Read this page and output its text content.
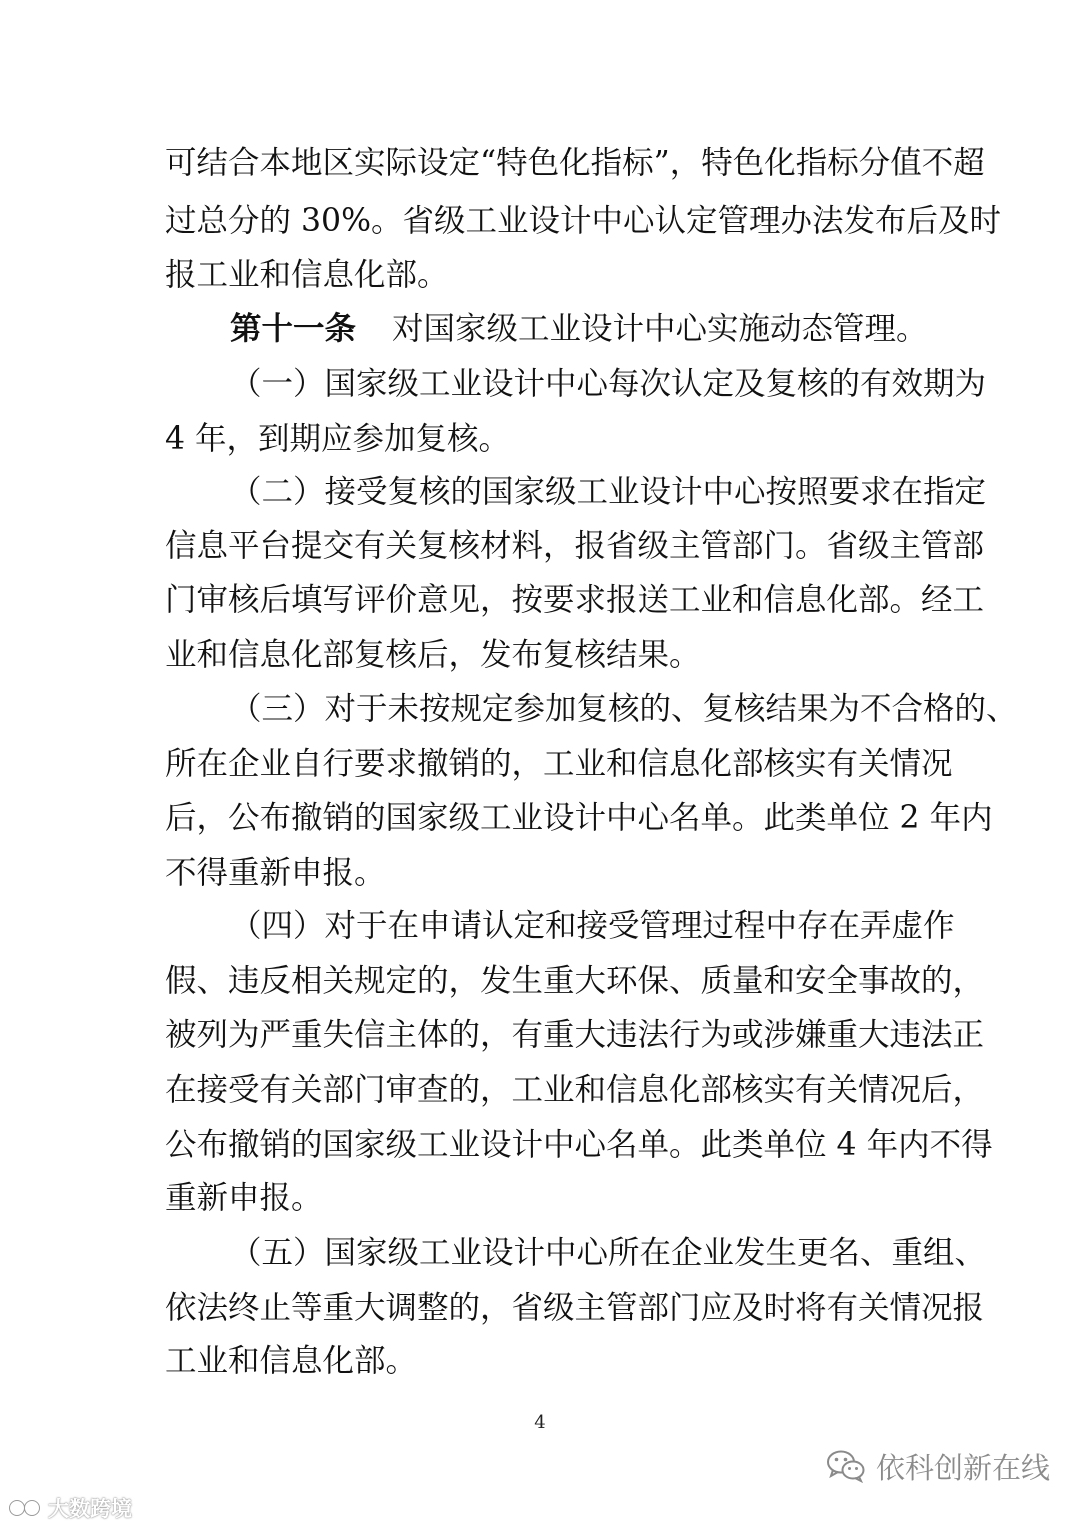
可结合本地区实际设定“特色化指标”，特色化指标分值不超
过总分的 30%。省级工业设计中心认定管理办法发布后及时
报工业和信息化部。
第十一条 对国家级工业设计中心实施动态管理。
（一）国家级工业设计中心每次认定及复核的有效期为
4 年，到期应参加复核。
（二）接受复核的国家级工业设计中心按照要求在指定
信息平台提交有关复核材料，报省级主管部门。省级主管部
门审核后填写评价意见，按要求报送工业和信息化部。经工
业和信息化部复核后，发布复核结果。
（三）对于未按规定参加复核的、复核结果为不合格的、
所在企业自行要求撤销的，工业和信息化部核实有关情况
后，公布撤销的国家级工业设计中心名单。此类单位 2 年内
不得重新申报。
（四）对于在申请认定和接受管理过程中存在弄虚作
假、违反相关规定的，发生重大环保、质量和安全事故的，
被列为严重失信主体的，有重大违法行为或涉嫌重大违法正
在接受有关部门审查的，工业和信息化部核实有关情况后，
公布撤销的国家级工业设计中心名单。此类单位 4 年内不得
重新申报。
（五）国家级工业设计中心所在企业发生更名、重组、
依法终止等重大调整的，省级主管部门应及时将有关情况报
工业和信息化部。
4
大数跨境
依科创新在线
